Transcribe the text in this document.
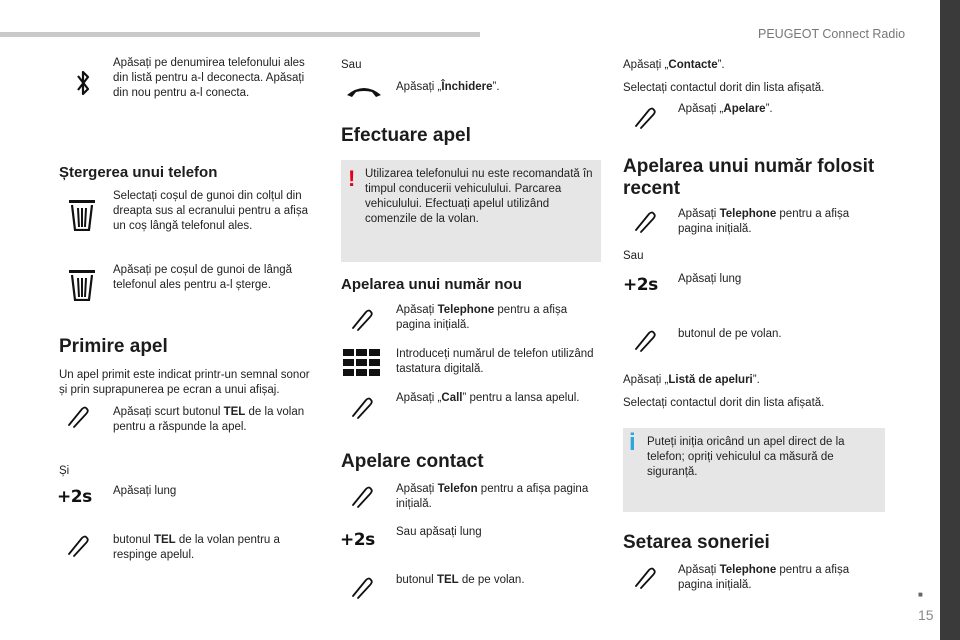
PEUGEOT Connect Radio
■
15
Apăsați pe denumirea telefonului ales din listă pentru a-l deconecta. Apăsați din nou pentru a-l conecta.
Ștergerea unui telefon
Selectați coșul de gunoi din colțul din dreapta sus al ecranului pentru a afișa un coș lângă telefonul ales.
Apăsați pe coșul de gunoi de lângă telefonul ales pentru a-l șterge.
Primire apel
Un apel primit este indicat printr-un semnal sonor și prin suprapunerea pe ecran a unui afișaj.
Apăsați scurt butonul TEL de la volan pentru a răspunde la apel.
Și
+2s Apăsați lung
butonul TEL de la volan pentru a respinge apelul.
Sau
Apăsați „Închidere”.
Efectuare apel
! Utilizarea telefonului nu este recomandată în timpul conducerii vehiculului. Parcarea vehiculului. Efectuați apelul utilizând comenzile de la volan.
Apelarea unui număr nou
Apăsați Telephone pentru a afișa pagina inițială.
Introduceți numărul de telefon utilizând tastatura digitală.
Apăsați „Call” pentru a lansa apelul.
Apelare contact
Apăsați Telefon pentru a afișa pagina inițială.
+2s Sau apăsați lung
butonul TEL de pe volan.
Apăsați „Contacte”.
Selectați contactul dorit din lista afișată.
Apăsați „Apelare”.
Apelarea unui număr folosit recent
Apăsați Telephone pentru a afișa pagina inițială.
Sau
+2s Apăsați lung
butonul de pe volan.
Apăsați „Listă de apeluri”.
Selectați contactul dorit din lista afișată.
i Puteți iniția oricând un apel direct de la telefon; opriți vehiculul ca măsură de siguranță.
Setarea soneriei
Apăsați Telephone pentru a afișa pagina inițială.
